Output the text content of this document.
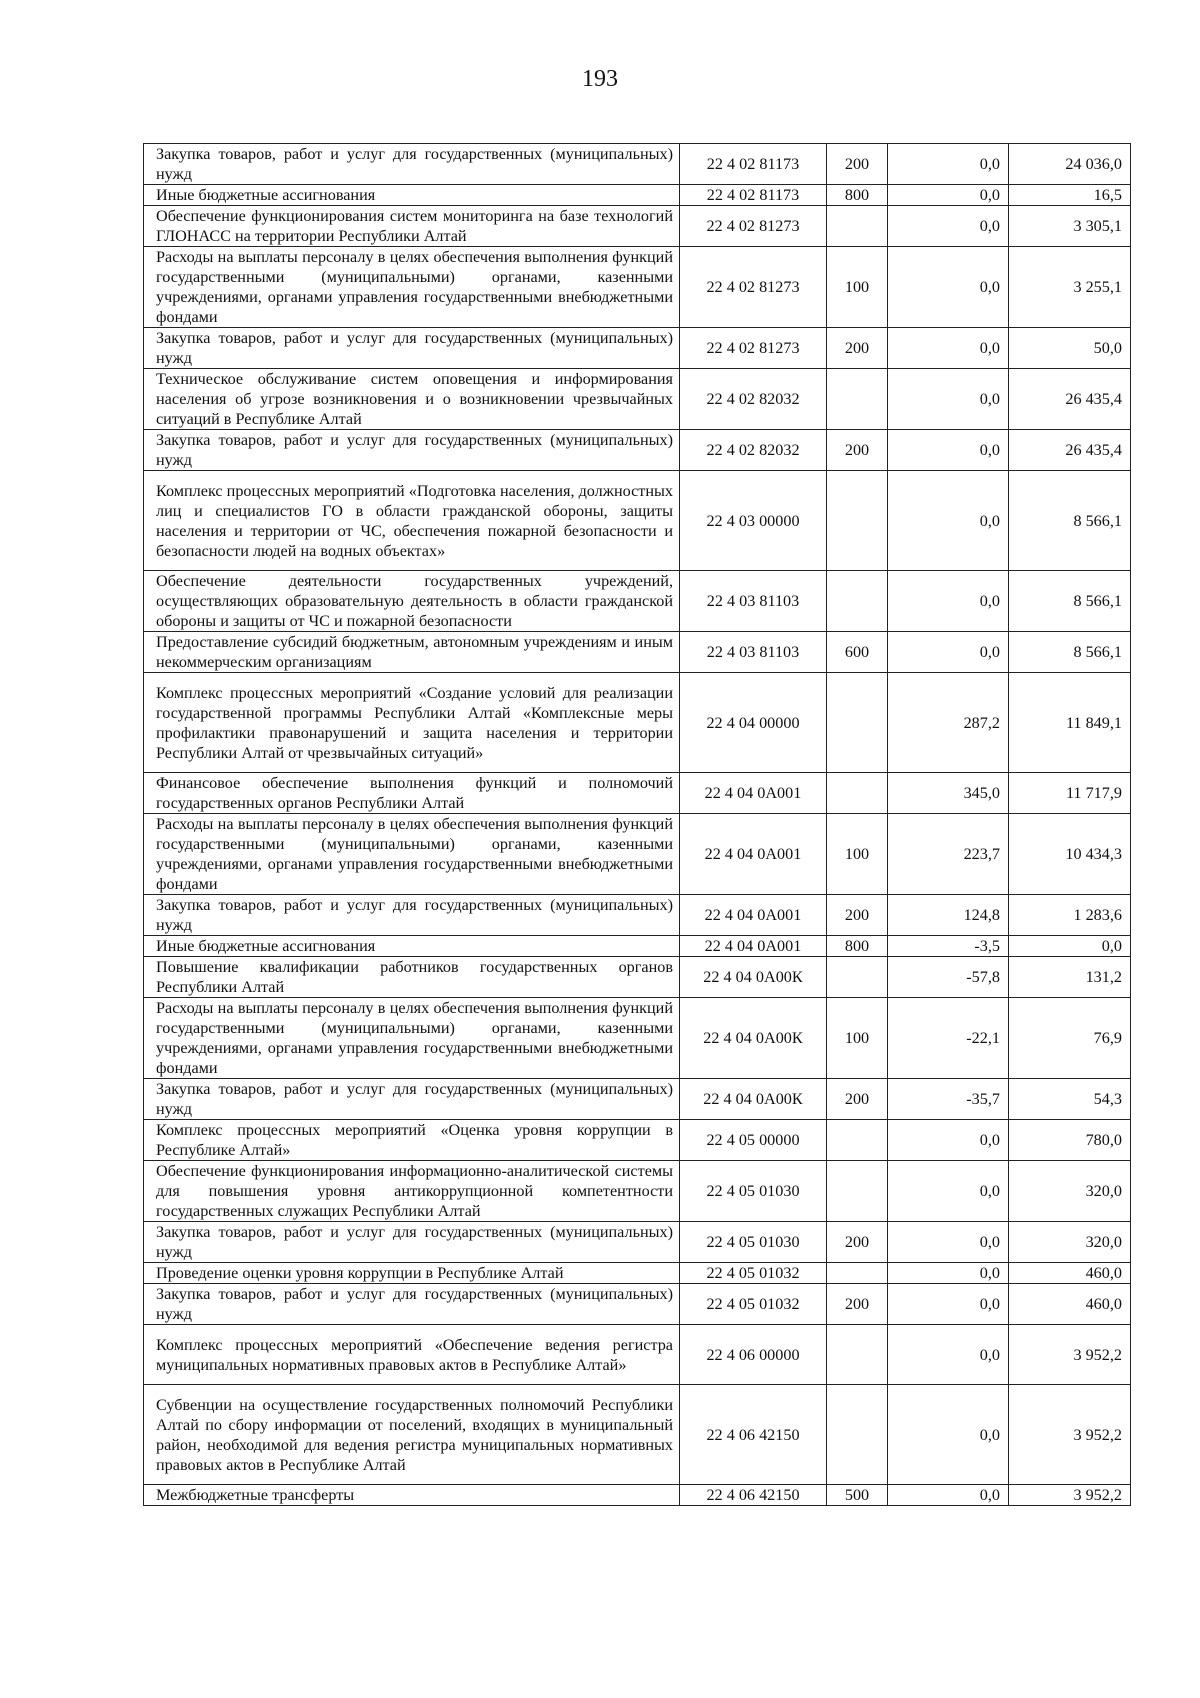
193
Закупка товаров, работ и услуг для государственных (муниципальных) нужд	22 4 02 81173	200	0,0	24 036,0
Иные бюджетные ассигнования	22 4 02 81173	800	0,0	16,5
Обеспечение функционирования систем мониторинга на базе технологий ГЛОНАСС на территории Республики Алтай	22 4 02 81273		0,0	3 305,1
Расходы на выплаты персоналу в целях обеспечения выполнения функций государственными (муниципальными) органами, казенными учреждениями, органами управления государственными внебюджетными фондами	22 4 02 81273	100	0,0	3 255,1
Закупка товаров, работ и услуг для государственных (муниципальных) нужд	22 4 02 81273	200	0,0	50,0
Техническое обслуживание систем оповещения и информирования населения об угрозе возникновения и о возникновении чрезвычайных ситуаций в Республике Алтай	22 4 02 82032		0,0	26 435,4
Закупка товаров, работ и услуг для государственных (муниципальных) нужд	22 4 02 82032	200	0,0	26 435,4
Комплекс процессных мероприятий «Подготовка населения, должностных лиц и специалистов ГО в области гражданской обороны, защиты населения и территории от ЧС, обеспечения пожарной безопасности и безопасности людей на водных объектах»	22 4 03 00000		0,0	8 566,1
Обеспечение деятельности государственных учреждений, осуществляющих образовательную деятельность в области гражданской обороны и защиты от ЧС и пожарной безопасности	22 4 03 81103		0,0	8 566,1
Предоставление субсидий бюджетным, автономным учреждениям и иным некоммерческим организациям	22 4 03 81103	600	0,0	8 566,1
Комплекс процессных мероприятий «Создание условий для реализации государственной программы Республики Алтай «Комплексные меры профилактики правонарушений и защита населения и территории Республики Алтай от чрезвычайных ситуаций»	22 4 04 00000		287,2	11 849,1
Финансовое обеспечение выполнения функций и полномочий государственных органов Республики Алтай	22 4 04 0А001		345,0	11 717,9
Расходы на выплаты персоналу в целях обеспечения выполнения функций государственными (муниципальными) органами, казенными учреждениями, органами управления государственными внебюджетными фондами	22 4 04 0А001	100	223,7	10 434,3
Закупка товаров, работ и услуг для государственных (муниципальных) нужд	22 4 04 0А001	200	124,8	1 283,6
Иные бюджетные ассигнования	22 4 04 0А001	800	-3,5	0,0
Повышение квалификации работников государственных органов Республики Алтай	22 4 04 0А00К		-57,8	131,2
Расходы на выплаты персоналу в целях обеспечения выполнения функций государственными (муниципальными) органами, казенными учреждениями, органами управления государственными внебюджетными фондами	22 4 04 0А00К	100	-22,1	76,9
Закупка товаров, работ и услуг для государственных (муниципальных) нужд	22 4 04 0А00К	200	-35,7	54,3
Комплекс процессных мероприятий «Оценка уровня коррупции в Республике Алтай»	22 4 05 00000		0,0	780,0
Обеспечение функционирования информационно-аналитической системы для повышения уровня антикоррупционной компетентности государственных служащих Республики Алтай	22 4 05 01030		0,0	320,0
Закупка товаров, работ и услуг для государственных (муниципальных) нужд	22 4 05 01030	200	0,0	320,0
Проведение оценки уровня коррупции в Республике Алтай	22 4 05 01032		0,0	460,0
Закупка товаров, работ и услуг для государственных (муниципальных) нужд	22 4 05 01032	200	0,0	460,0
Комплекс процессных мероприятий «Обеспечение ведения регистра муниципальных нормативных правовых актов в Республике Алтай»	22 4 06 00000		0,0	3 952,2
Субвенции на осуществление государственных полномочий Республики Алтай по сбору информации от поселений, входящих в муниципальный район, необходимой для ведения регистра муниципальных нормативных правовых актов в Республике Алтай	22 4 06 42150		0,0	3 952,2
Межбюджетные трансферты	22 4 06 42150	500	0,0	3 952,2
